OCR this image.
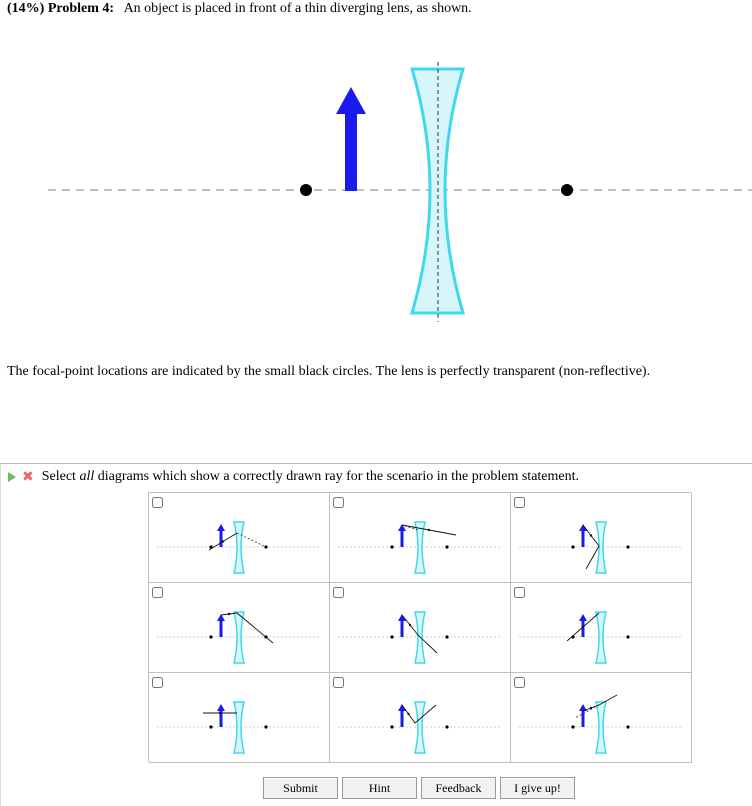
(14%) Problem 4: An object is placed in front of a thin diverging lens, as shown.
The focal-point locations are indicated by the small black circles. The lens is perfectly transparent (non-reflective).
✖ Select all diagrams which show a correctly drawn ray for the scenario in the problem statement.
Submit	Hint	Feedback	I give up!
